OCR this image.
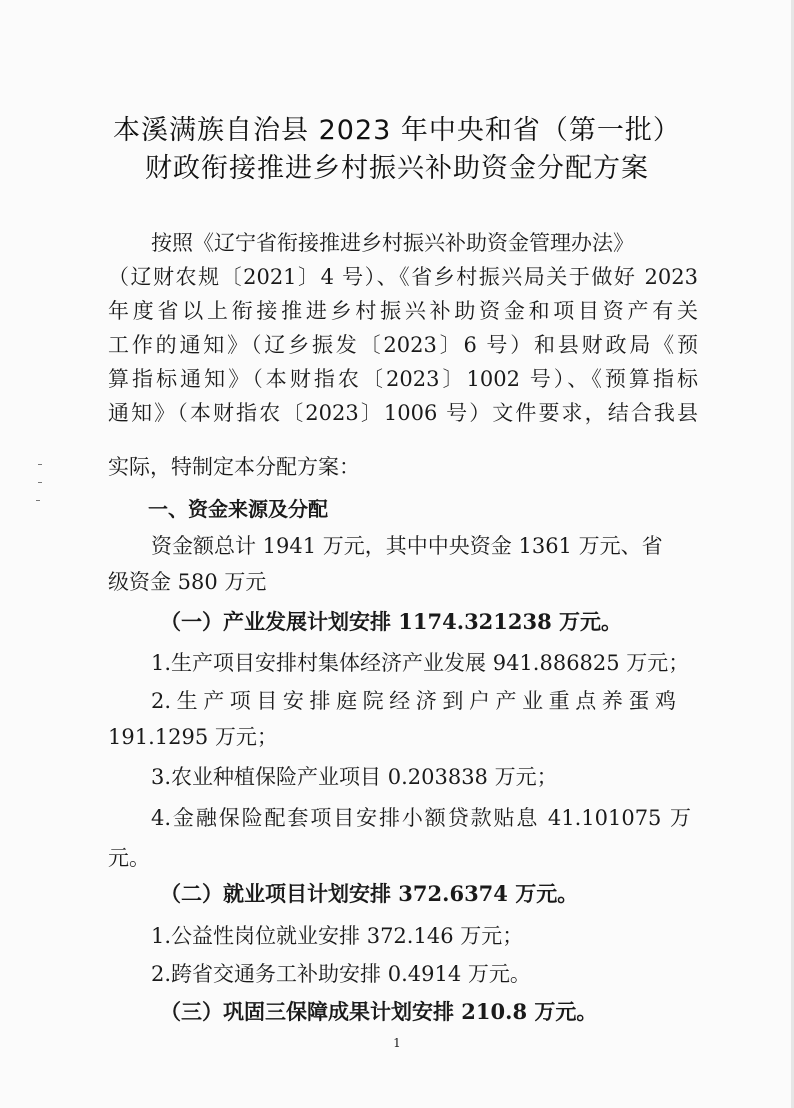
本溪满族自治县 2023 年中央和省（第一批）
财政衔接推进乡村振兴补助资金分配方案
按照《辽宁省衔接推进乡村振兴补助资金管理办法》
（辽财农规〔2021〕4 号）、《省乡村振兴局关于做好 2023
年度省以上衔接推进乡村振兴补助资金和项目资产有关
工作的通知》（辽乡振发〔2023〕6 号）和县财政局《预
算指标通知》（本财指农〔2023〕1002 号）、《预算指标
通知》（本财指农〔2023〕1006 号）文件要求，结合我县
实际，特制定本分配方案：
一、资金来源及分配
资金额总计 1941 万元，其中中央资金 1361 万元、省
级资金 580 万元
（一）产业发展计划安排 1174.321238 万元。
1.生产项目安排村集体经济产业发展 941.886825 万元；
2.生产项目安排庭院经济到户产业重点养蛋鸡
191.1295 万元；
3.农业种植保险产业项目 0.203838 万元；
4.金融保险配套项目安排小额贷款贴息 41.101075 万
元。
（二）就业项目计划安排 372.6374 万元。
1.公益性岗位就业安排 372.146 万元；
2.跨省交通务工补助安排 0.4914 万元。
（三）巩固三保障成果计划安排 210.8 万元。
1
